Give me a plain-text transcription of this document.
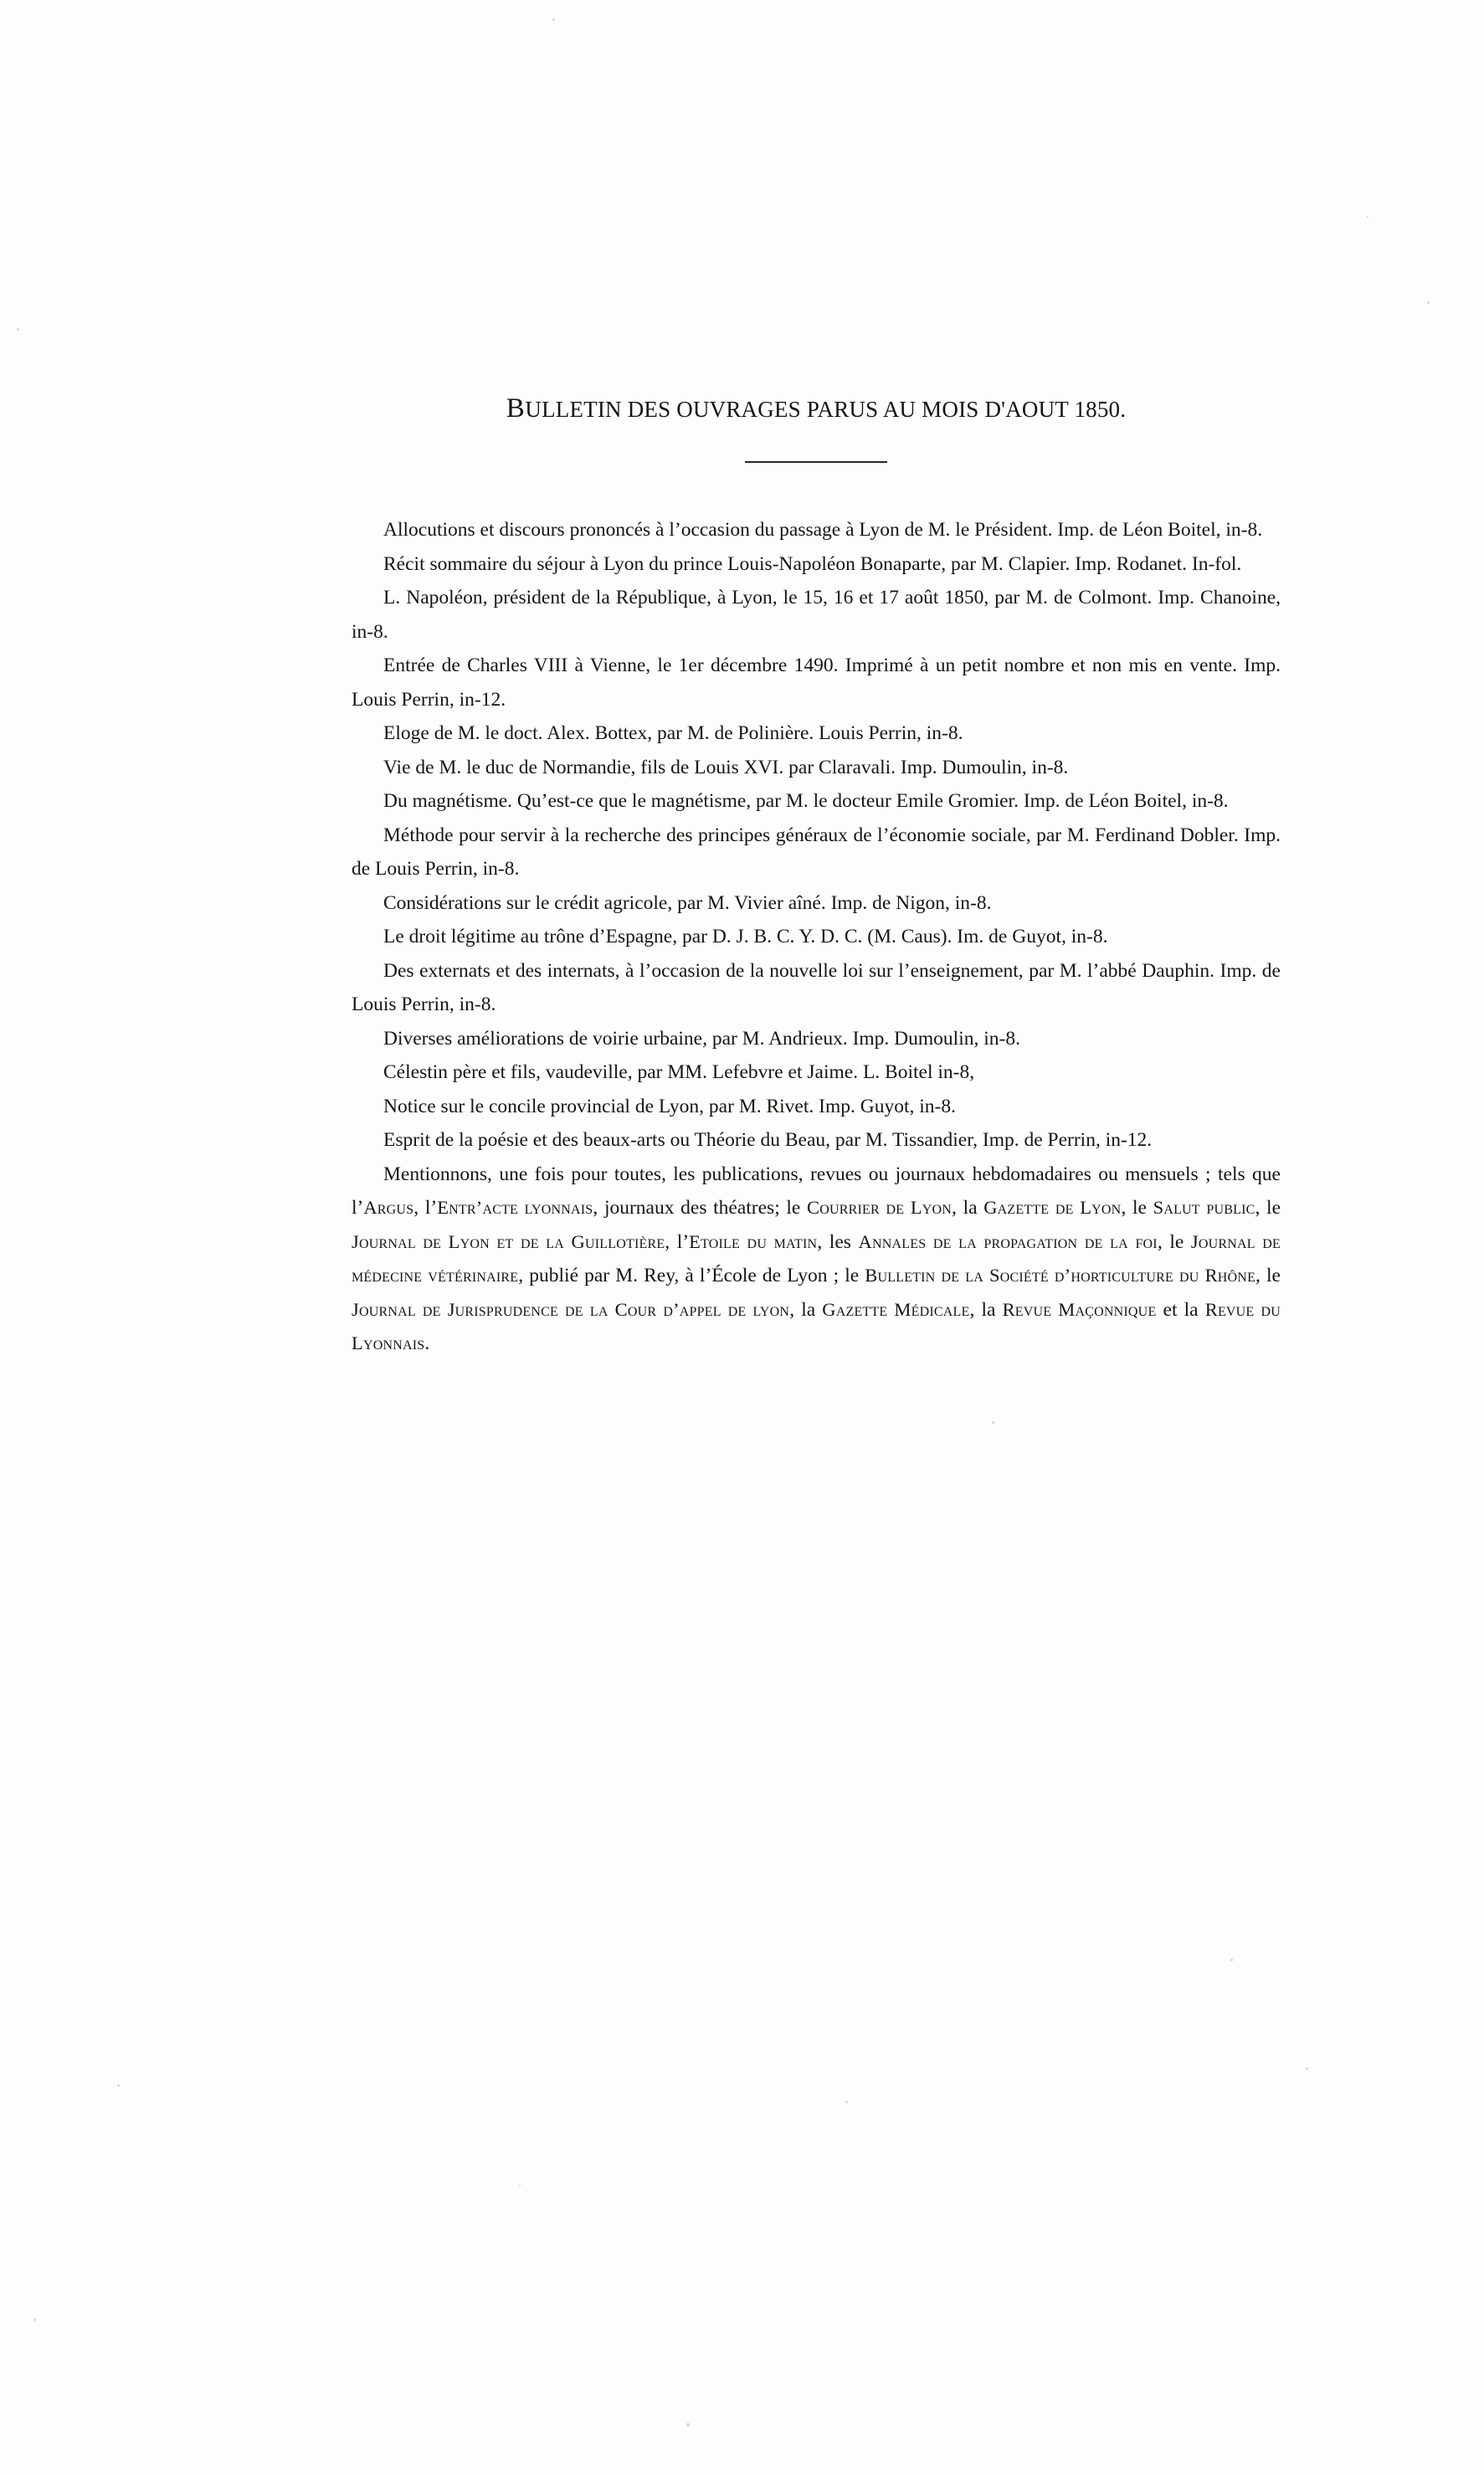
BULLETIN DES OUVRAGES PARUS AU MOIS D'AOUT 1850.

Allocutions et discours prononcés à l’occasion du passage à Lyon de M. le Président. Imp. de Léon Boitel, in-8.

Récit sommaire du séjour à Lyon du prince Louis-Napoléon Bonaparte, par M. Clapier. Imp. Rodanet. In-fol.

L. Napoléon, président de la République, à Lyon, le 15, 16 et 17 août 1850, par M. de Colmont. Imp. Chanoine, in-8.

Entrée de Charles VIII à Vienne, le 1er décembre 1490. Imprimé à un petit nombre et non mis en vente. Imp. Louis Perrin, in-12.

Eloge de M. le doct. Alex. Bottex, par M. de Polinière. Louis Perrin, in-8.

Vie de M. le duc de Normandie, fils de Louis XVI. par Claravali. Imp. Dumoulin, in-8.

Du magnétisme. Qu’est-ce que le magnétisme, par M. le docteur Emile Gromier. Imp. de Léon Boitel, in-8.

Méthode pour servir à la recherche des principes généraux de l’économie sociale, par M. Ferdinand Dobler. Imp. de Louis Perrin, in-8.

Considérations sur le crédit agricole, par M. Vivier aîné. Imp. de Nigon, in-8.

Le droit légitime au trône d’Espagne, par D. J. B. C. Y. D. C. (M. Caus). Im. de Guyot, in-8.

Des externats et des internats, à l’occasion de la nouvelle loi sur l’enseignement, par M. l’abbé Dauphin. Imp. de Louis Perrin, in-8.

Diverses améliorations de voirie urbaine, par M. Andrieux. Imp. Dumoulin, in-8.

Célestin père et fils, vaudeville, par MM. Lefebvre et Jaime. L. Boitel in-8,

Notice sur le concile provincial de Lyon, par M. Rivet. Imp. Guyot, in-8.

Esprit de la poésie et des beaux-arts ou Théorie du Beau, par M. Tissandier, Imp. de Perrin, in-12.

Mentionnons, une fois pour toutes, les publications, revues ou journaux hebdomadaires ou mensuels ; tels que l’Argus, l’Entr’acte lyonnais, journaux des théatres; le Courrier de Lyon, la Gazette de Lyon, le Salut public, le Journal de Lyon et de la Guillotière, l’Etoile du matin, les Annales de la propagation de la foi, le Journal de médecine vétérinaire, publié par M. Rey, à l’École de Lyon ; le Bulletin de la Société d’horticulture du Rhône, le Journal de Jurisprudence de la Cour d’appel de lyon, la Gazette Médicale, la Revue Maçonnique et la Revue du Lyonnais.
